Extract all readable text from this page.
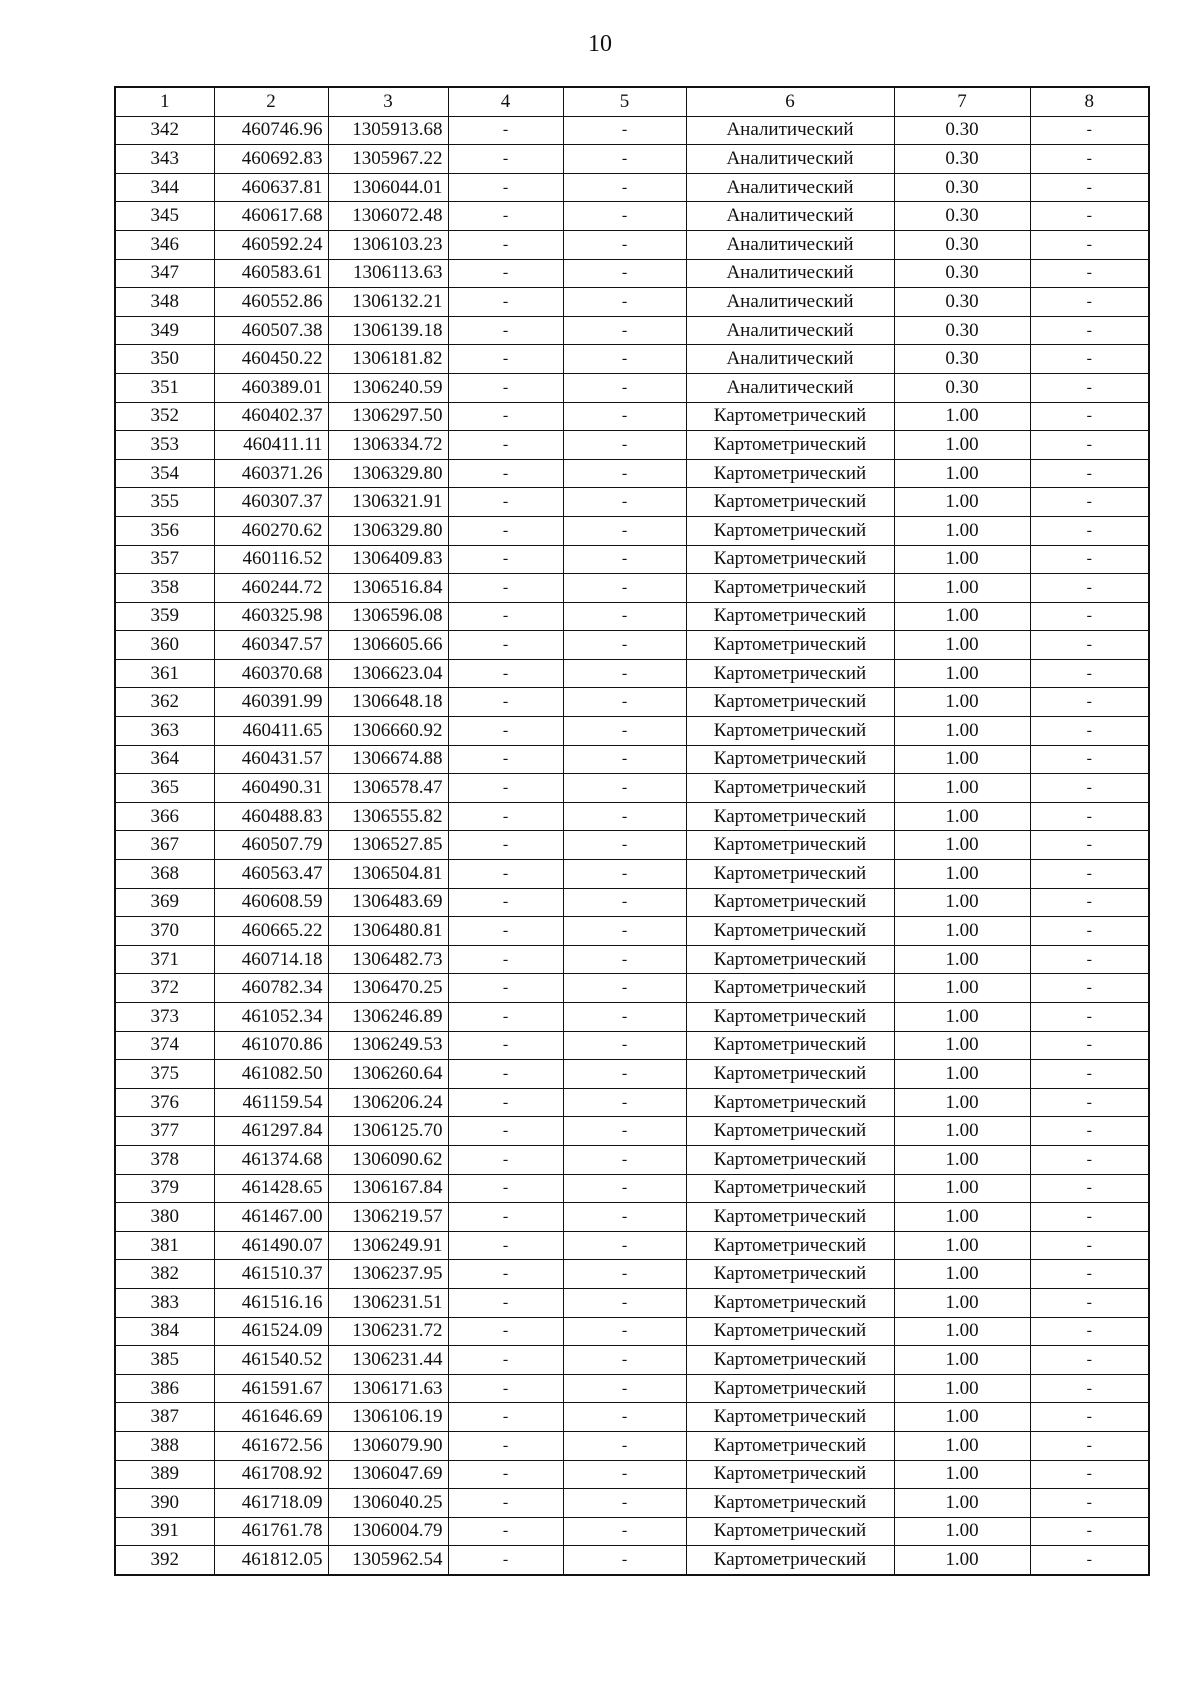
10
1	2	3	4	5	6	7	8
342	460746.96	1305913.68	-	-	Аналитический	0.30	-
343	460692.83	1305967.22	-	-	Аналитический	0.30	-
344	460637.81	1306044.01	-	-	Аналитический	0.30	-
345	460617.68	1306072.48	-	-	Аналитический	0.30	-
346	460592.24	1306103.23	-	-	Аналитический	0.30	-
347	460583.61	1306113.63	-	-	Аналитический	0.30	-
348	460552.86	1306132.21	-	-	Аналитический	0.30	-
349	460507.38	1306139.18	-	-	Аналитический	0.30	-
350	460450.22	1306181.82	-	-	Аналитический	0.30	-
351	460389.01	1306240.59	-	-	Аналитический	0.30	-
352	460402.37	1306297.50	-	-	Картометрический	1.00	-
353	460411.11	1306334.72	-	-	Картометрический	1.00	-
354	460371.26	1306329.80	-	-	Картометрический	1.00	-
355	460307.37	1306321.91	-	-	Картометрический	1.00	-
356	460270.62	1306329.80	-	-	Картометрический	1.00	-
357	460116.52	1306409.83	-	-	Картометрический	1.00	-
358	460244.72	1306516.84	-	-	Картометрический	1.00	-
359	460325.98	1306596.08	-	-	Картометрический	1.00	-
360	460347.57	1306605.66	-	-	Картометрический	1.00	-
361	460370.68	1306623.04	-	-	Картометрический	1.00	-
362	460391.99	1306648.18	-	-	Картометрический	1.00	-
363	460411.65	1306660.92	-	-	Картометрический	1.00	-
364	460431.57	1306674.88	-	-	Картометрический	1.00	-
365	460490.31	1306578.47	-	-	Картометрический	1.00	-
366	460488.83	1306555.82	-	-	Картометрический	1.00	-
367	460507.79	1306527.85	-	-	Картометрический	1.00	-
368	460563.47	1306504.81	-	-	Картометрический	1.00	-
369	460608.59	1306483.69	-	-	Картометрический	1.00	-
370	460665.22	1306480.81	-	-	Картометрический	1.00	-
371	460714.18	1306482.73	-	-	Картометрический	1.00	-
372	460782.34	1306470.25	-	-	Картометрический	1.00	-
373	461052.34	1306246.89	-	-	Картометрический	1.00	-
374	461070.86	1306249.53	-	-	Картометрический	1.00	-
375	461082.50	1306260.64	-	-	Картометрический	1.00	-
376	461159.54	1306206.24	-	-	Картометрический	1.00	-
377	461297.84	1306125.70	-	-	Картометрический	1.00	-
378	461374.68	1306090.62	-	-	Картометрический	1.00	-
379	461428.65	1306167.84	-	-	Картометрический	1.00	-
380	461467.00	1306219.57	-	-	Картометрический	1.00	-
381	461490.07	1306249.91	-	-	Картометрический	1.00	-
382	461510.37	1306237.95	-	-	Картометрический	1.00	-
383	461516.16	1306231.51	-	-	Картометрический	1.00	-
384	461524.09	1306231.72	-	-	Картометрический	1.00	-
385	461540.52	1306231.44	-	-	Картометрический	1.00	-
386	461591.67	1306171.63	-	-	Картометрический	1.00	-
387	461646.69	1306106.19	-	-	Картометрический	1.00	-
388	461672.56	1306079.90	-	-	Картометрический	1.00	-
389	461708.92	1306047.69	-	-	Картометрический	1.00	-
390	461718.09	1306040.25	-	-	Картометрический	1.00	-
391	461761.78	1306004.79	-	-	Картометрический	1.00	-
392	461812.05	1305962.54	-	-	Картометрический	1.00	-
